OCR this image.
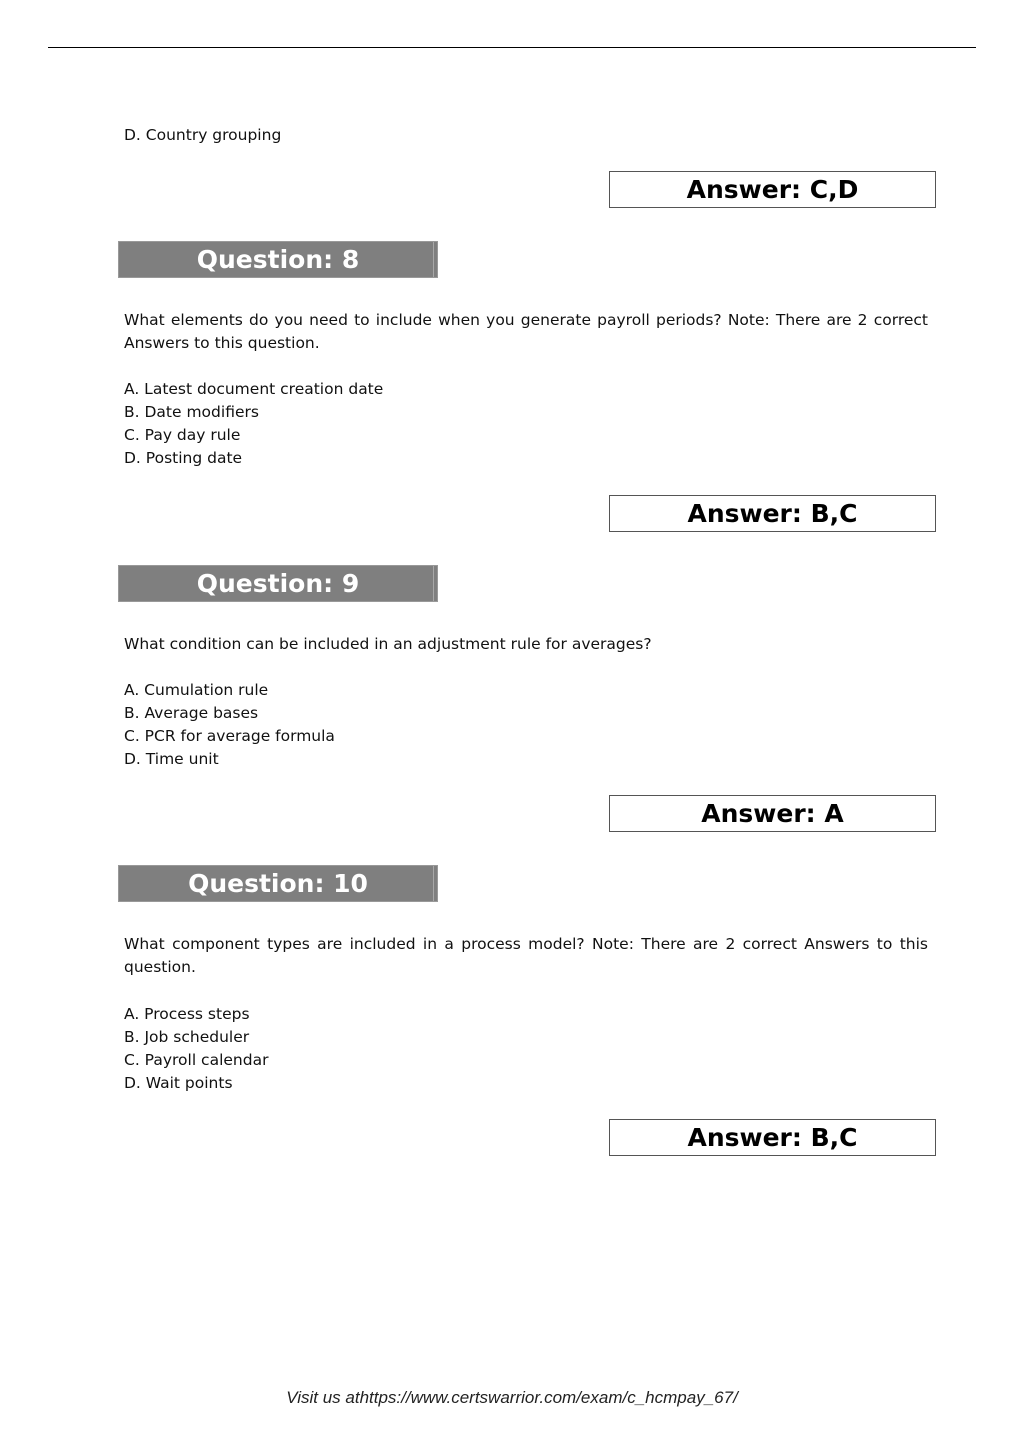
D. Country grouping
Answer: C,D
Question: 8
What elements do you need to include when you generate payroll periods? Note: There are 2 correct Answers to this question.
A. Latest document creation date
B. Date modifiers
C. Pay day rule
D. Posting date
Answer: B,C
Question: 9
What condition can be included in an adjustment rule for averages?
A. Cumulation rule
B. Average bases
C. PCR for average formula
D. Time unit
Answer: A
Question: 10
What component types are included in a process model? Note: There are 2 correct Answers to this question.
A. Process steps
B. Job scheduler
C. Payroll calendar
D. Wait points
Answer: B,C
Visit us athttps://www.certswarrior.com/exam/c_hcmpay_67/
